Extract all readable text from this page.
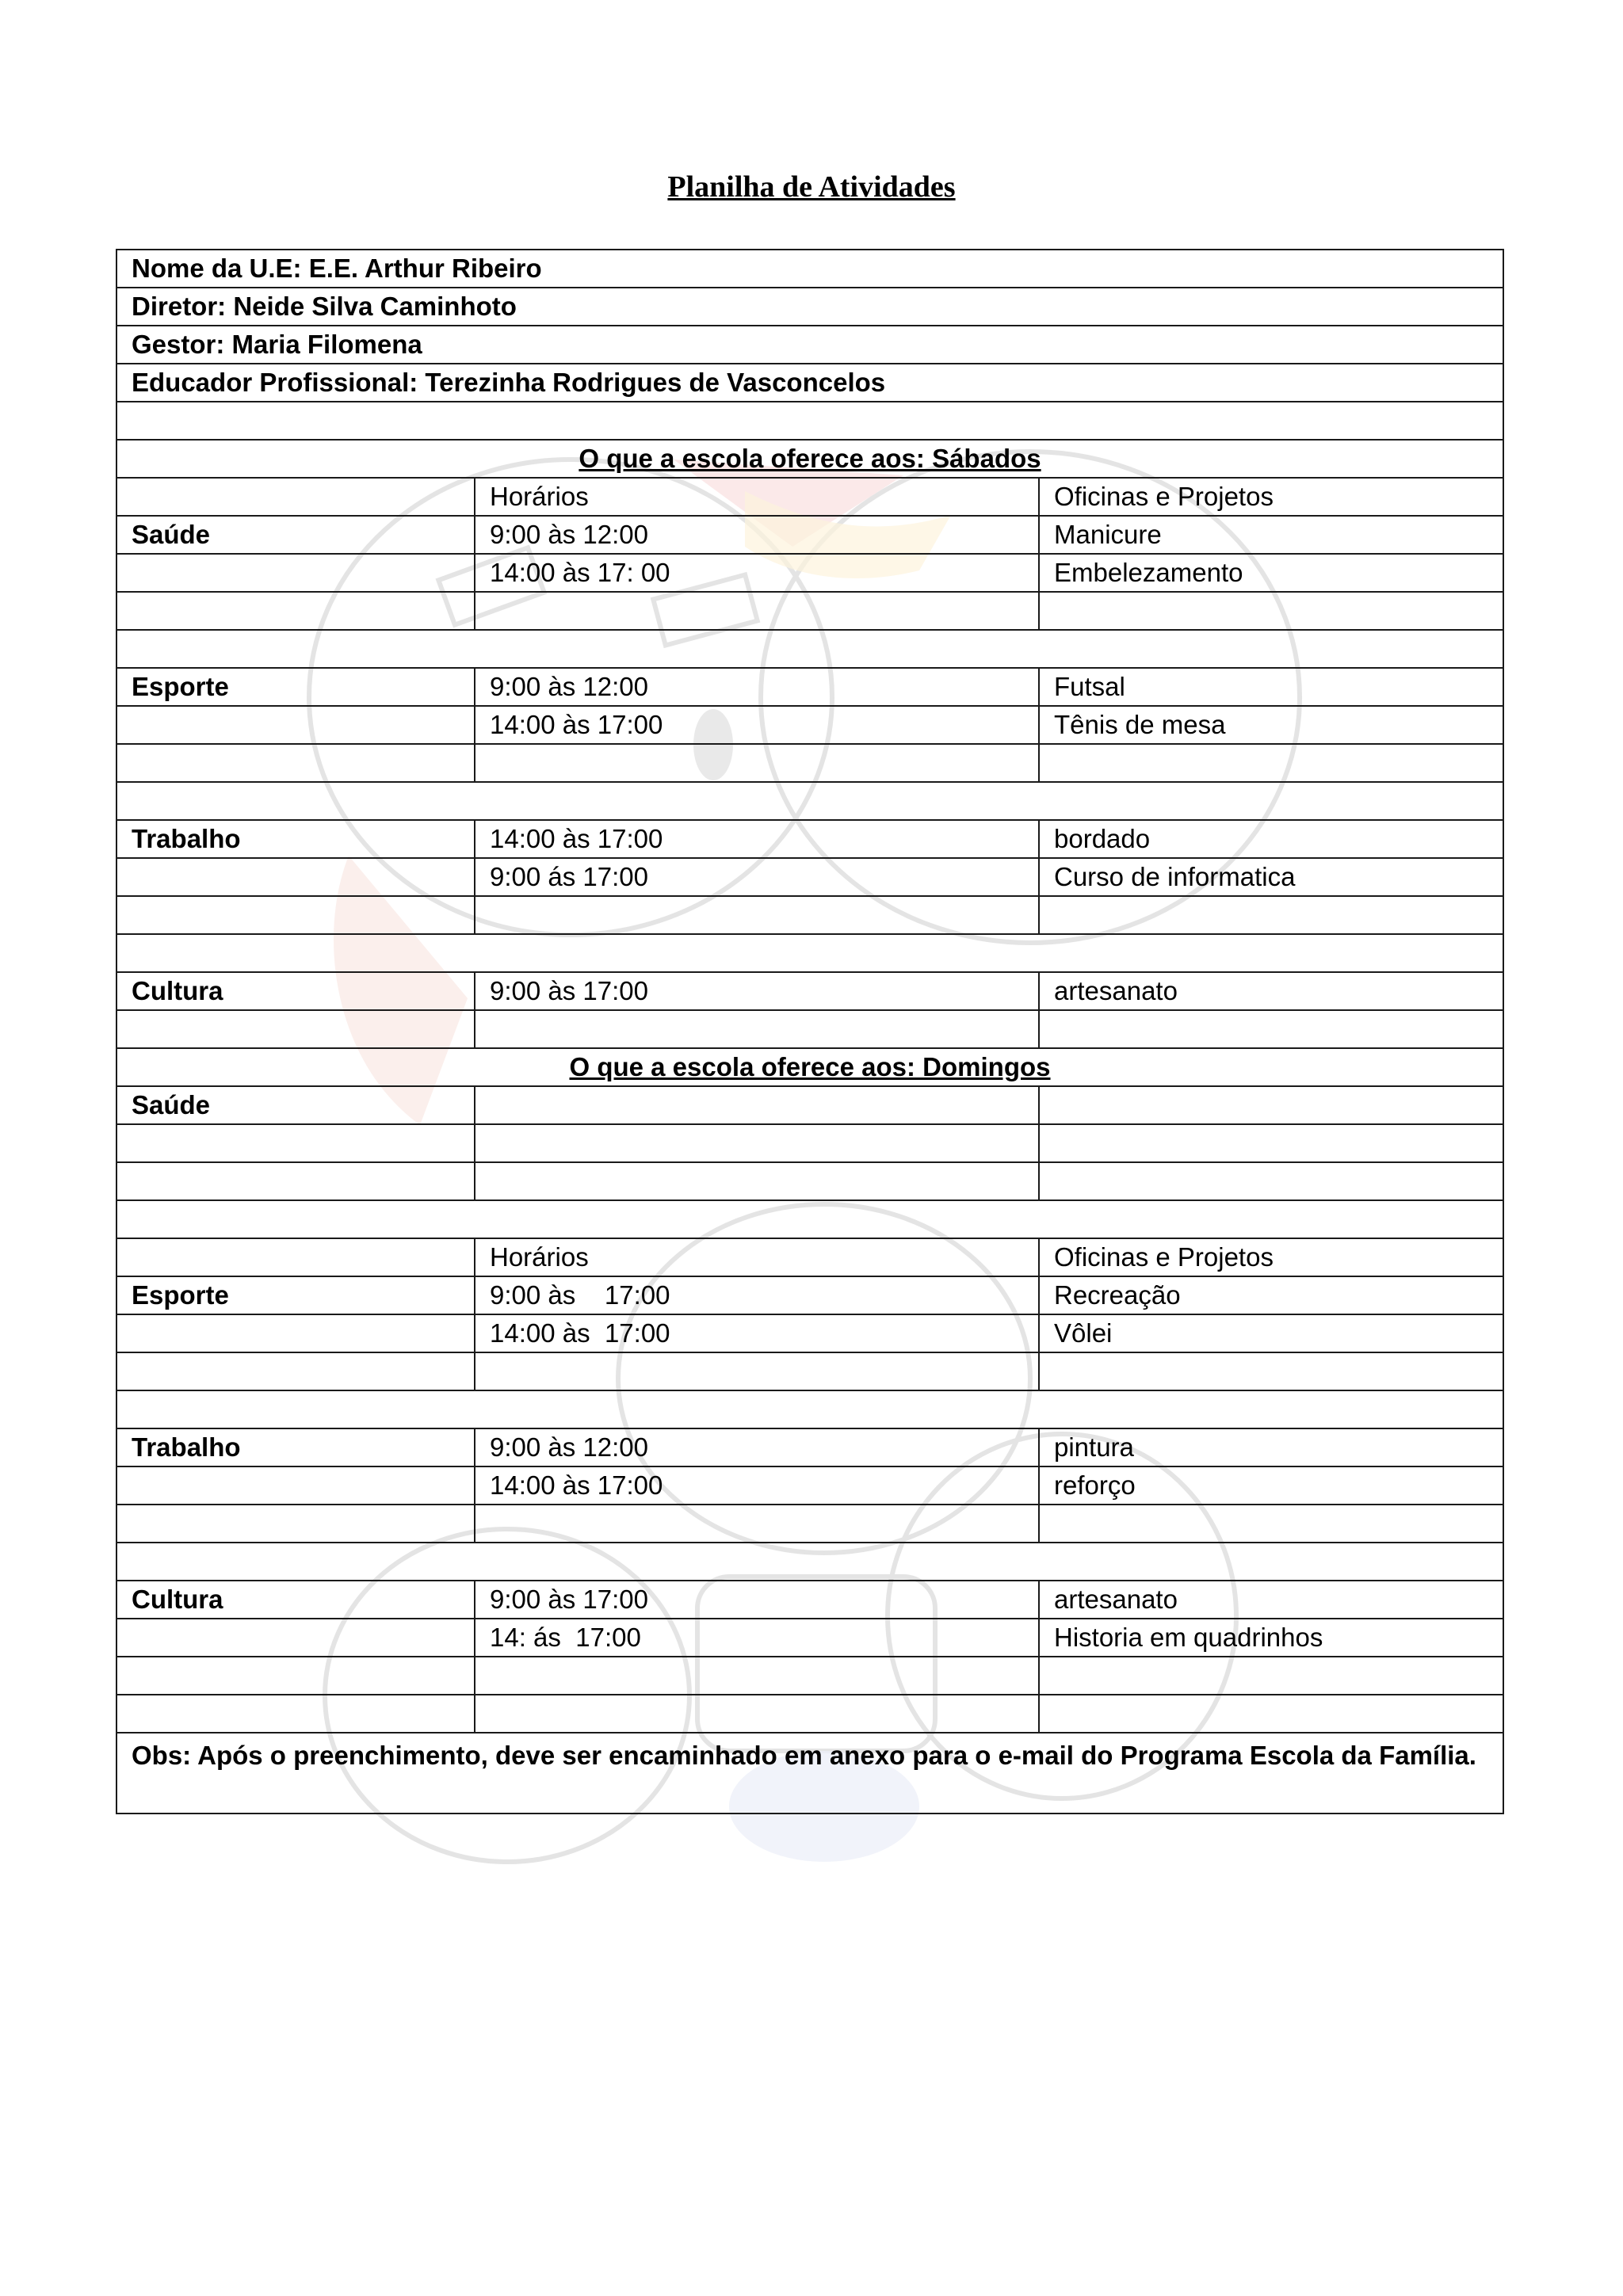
Planilha de Atividades
Nome da U.E: E.E. Arthur Ribeiro		
Diretor: Neide Silva Caminhoto		
Gestor: Maria Filomena		
Educador Profissional: Terezinha Rodrigues de Vasconcelos		

O que a escola oferece aos: Sábados		
	Horários	Oficinas e Projetos
Saúde	9:00 às 12:00	Manicure
	14:00 às 17: 00	Embelezamento

Esporte	9:00 às 12:00	Futsal
	14:00 às 17:00	Tênis de mesa

Trabalho	14:00 às 17:00	bordado
	9:00 ás 17:00	Curso de informatica

Cultura	9:00 às 17:00	artesanato

O que a escola oferece aos: Domingos		
Saúde		

	Horários	Oficinas e Projetos
Esporte	9:00 às    17:00	Recreação
	14:00 às  17:00	Vôlei

Trabalho	9:00 às 12:00	pintura
	14:00 às 17:00	reforço

Cultura	9:00 às 17:00	artesanato
	14: ás  17:00	Historia em quadrinhos

Obs: Após o preenchimento, deve ser encaminhado em anexo para o e-mail do Programa Escola da Família.		
